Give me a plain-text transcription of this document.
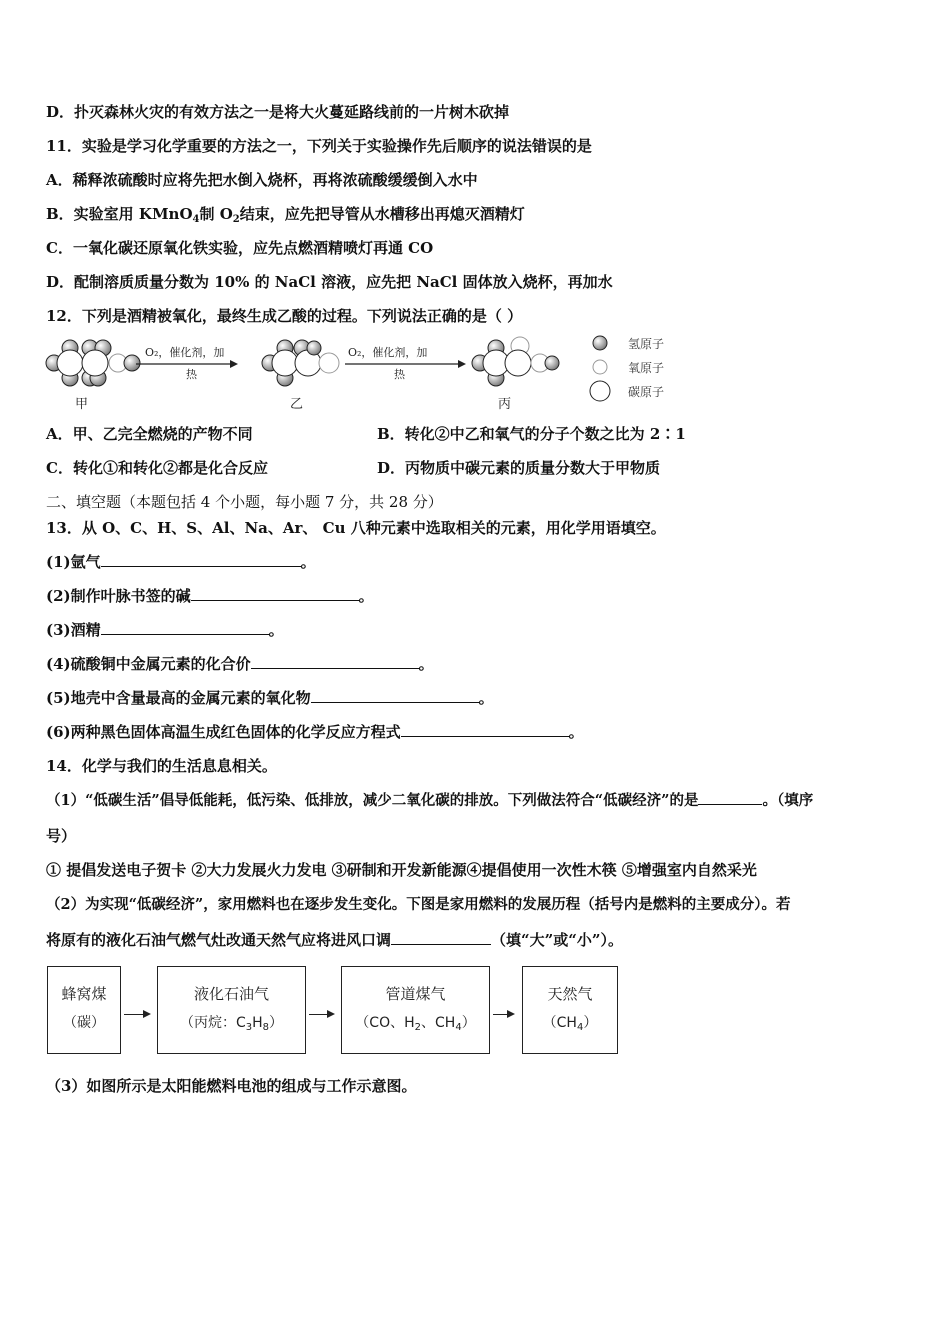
D．扑灭森林火灾的有效方法之一是将大火蔓延路线前的一片树木砍掉
11．实验是学习化学重要的方法之一，下列关于实验操作先后顺序的说法错误的是
A．稀释浓硫酸时应将先把水倒入烧杯，再将浓硫酸缓缓倒入水中
B．实验室用 KMnO$_4$制 $O_2$结束，应先把导管从水槽移出再熄灭酒精灯
C．一氧化碳还原氧化铁实验，应先点燃酒精喷灯再通 CO
D．配制溶质质量分数为 10% 的 NaCl 溶液，应先把 NaCl 固体放入烧杯，再加水
12．下列是酒精被氧化，最终生成乙酸的过程。下列说法正确的是（ ）
甲
O₂，催化剂，加
热
乙
O₂，催化剂，加
热
丙
氢原子
氧原子
碳原子
A．甲、乙完全燃烧的产物不同	B．转化②中乙和氧气的分子个数之比为 2∶1
C．转化①和转化②都是化合反应	D．丙物质中碳元素的质量分数大于甲物质
二、填空题（本题包括 4 个小题，每小题 7 分，共 28 分）
13．从 O、C、H、S、Al、Na、Ar、 Cu 八种元素中选取相关的元素，用化学用语填空。
(1)氩气	。
(2)制作叶脉书签的碱	。
(3)酒精	。
(4)硫酸铜中金属元素的化合价	。
(5)地壳中含量最高的金属元素的氧化物	。
(6)两种黑色固体高温生成红色固体的化学反应方程式	。
14．化学与我们的生活息息相关。
（1）“低碳生活”倡导低能耗，低污染、低排放，减少二氧化碳的排放。下列做法符合“低碳经济”的是	。（填序
号）
① 提倡发送电子贺卡 ②大力发展火力发电 ③研制和开发新能源④提倡使用一次性木筷 ⑤增强室内自然采光
（2）为实现“低碳经济”，家用燃料也在逐步发生变化。下图是家用燃料的发展历程（括号内是燃料的主要成分）。若
将原有的液化石油气燃气灶改通天然气应将进风口调	（填“大”或“小”）。
蜂窝煤
（碳）
液化石油气
（丙烷：$C_3H_8$）
管道煤气
（CO、$H_2$、$CH_4$）
天然气
$(CH_4)$
（3）如图所示是太阳能燃料电池的组成与工作示意图。
